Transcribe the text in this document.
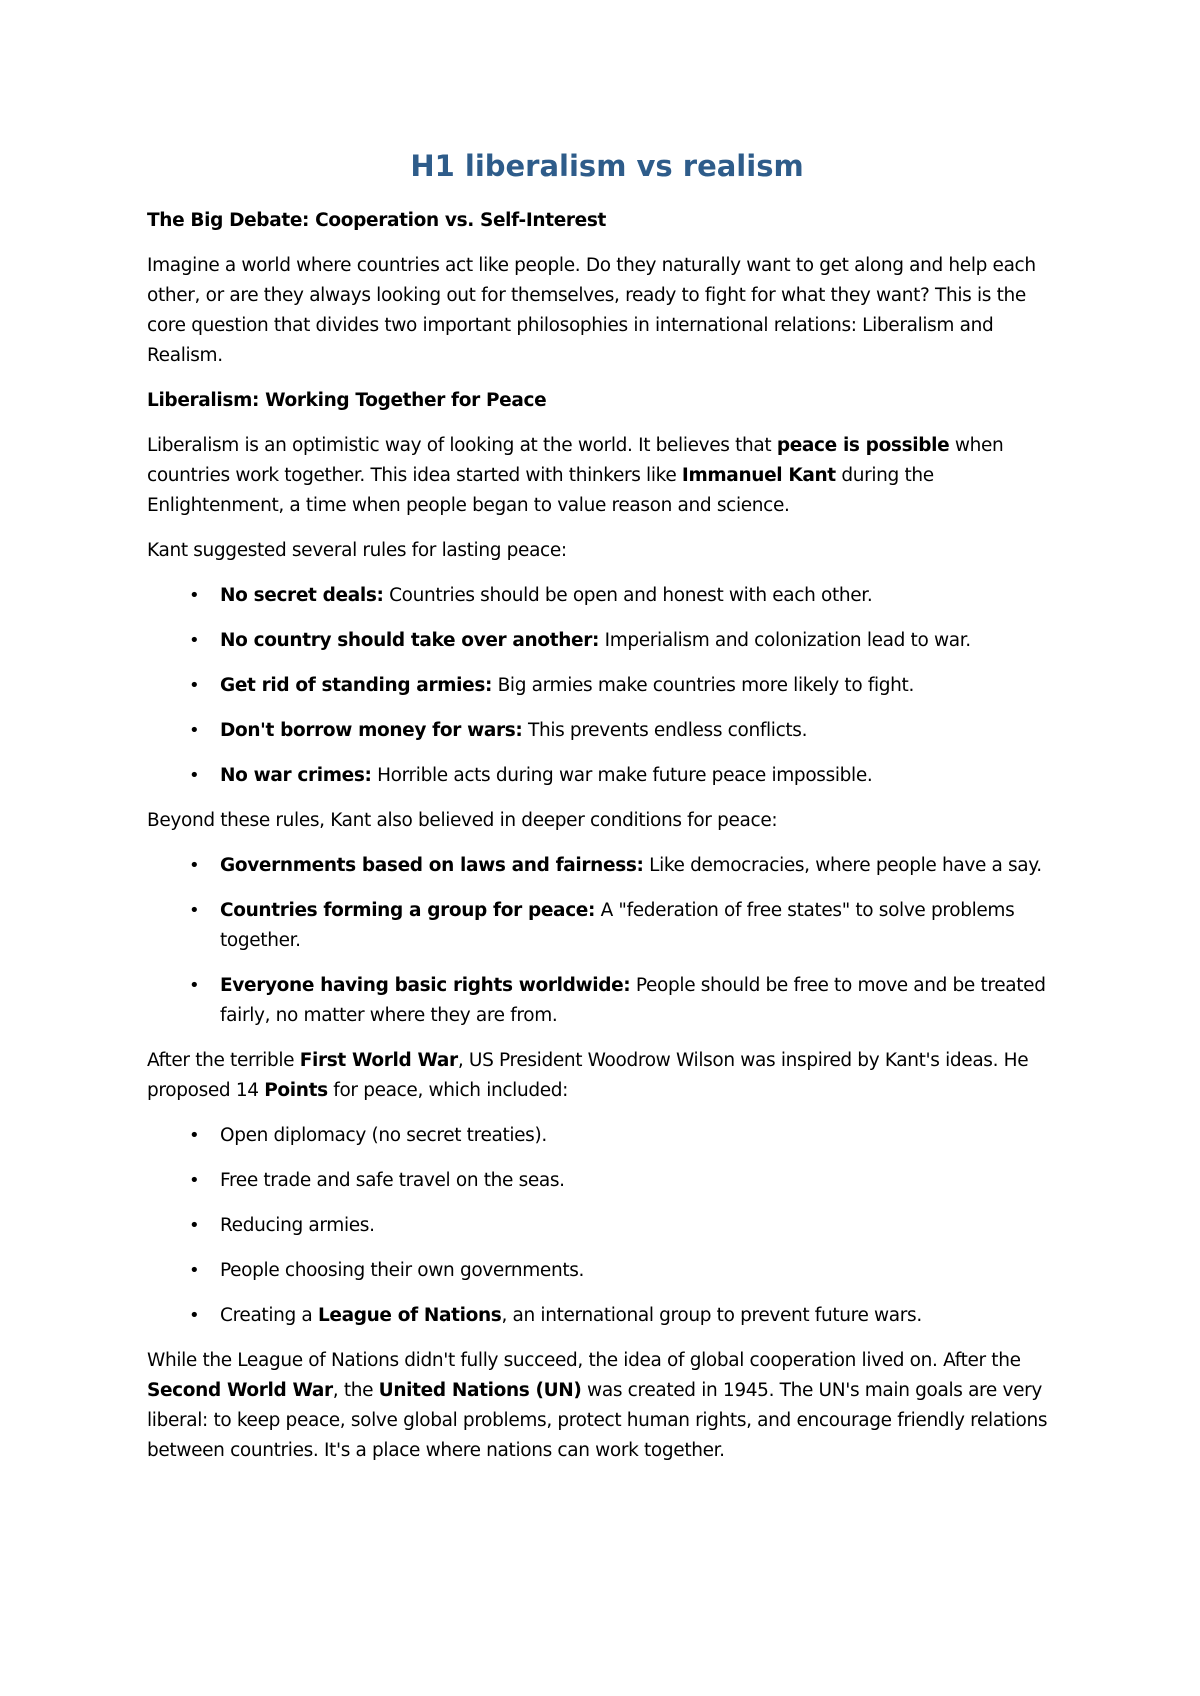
H1 liberalism vs realism
The Big Debate: Cooperation vs. Self-Interest

Imagine a world where countries act like people. Do they naturally want to get along and help each other, or are they always looking out for themselves, ready to fight for what they want? This is the core question that divides two important philosophies in international relations: Liberalism and Realism.

Liberalism: Working Together for Peace

Liberalism is an optimistic way of looking at the world. It believes that peace is possible when countries work together. This idea started with thinkers like Immanuel Kant during the Enlightenment, a time when people began to value reason and science.

Kant suggested several rules for lasting peace:

• No secret deals: Countries should be open and honest with each other.
• No country should take over another: Imperialism and colonization lead to war.
• Get rid of standing armies: Big armies make countries more likely to fight.
• Don't borrow money for wars: This prevents endless conflicts.
• No war crimes: Horrible acts during war make future peace impossible.

Beyond these rules, Kant also believed in deeper conditions for peace:

• Governments based on laws and fairness: Like democracies, where people have a say.
• Countries forming a group for peace: A "federation of free states" to solve problems together.
• Everyone having basic rights worldwide: People should be free to move and be treated fairly, no matter where they are from.

After the terrible First World War, US President Woodrow Wilson was inspired by Kant's ideas. He proposed 14 Points for peace, which included:

• Open diplomacy (no secret treaties).
• Free trade and safe travel on the seas.
• Reducing armies.
• People choosing their own governments.
• Creating a League of Nations, an international group to prevent future wars.

While the League of Nations didn't fully succeed, the idea of global cooperation lived on. After the Second World War, the United Nations (UN) was created in 1945. The UN's main goals are very liberal: to keep peace, solve global problems, protect human rights, and encourage friendly relations between countries. It's a place where nations can work together.
